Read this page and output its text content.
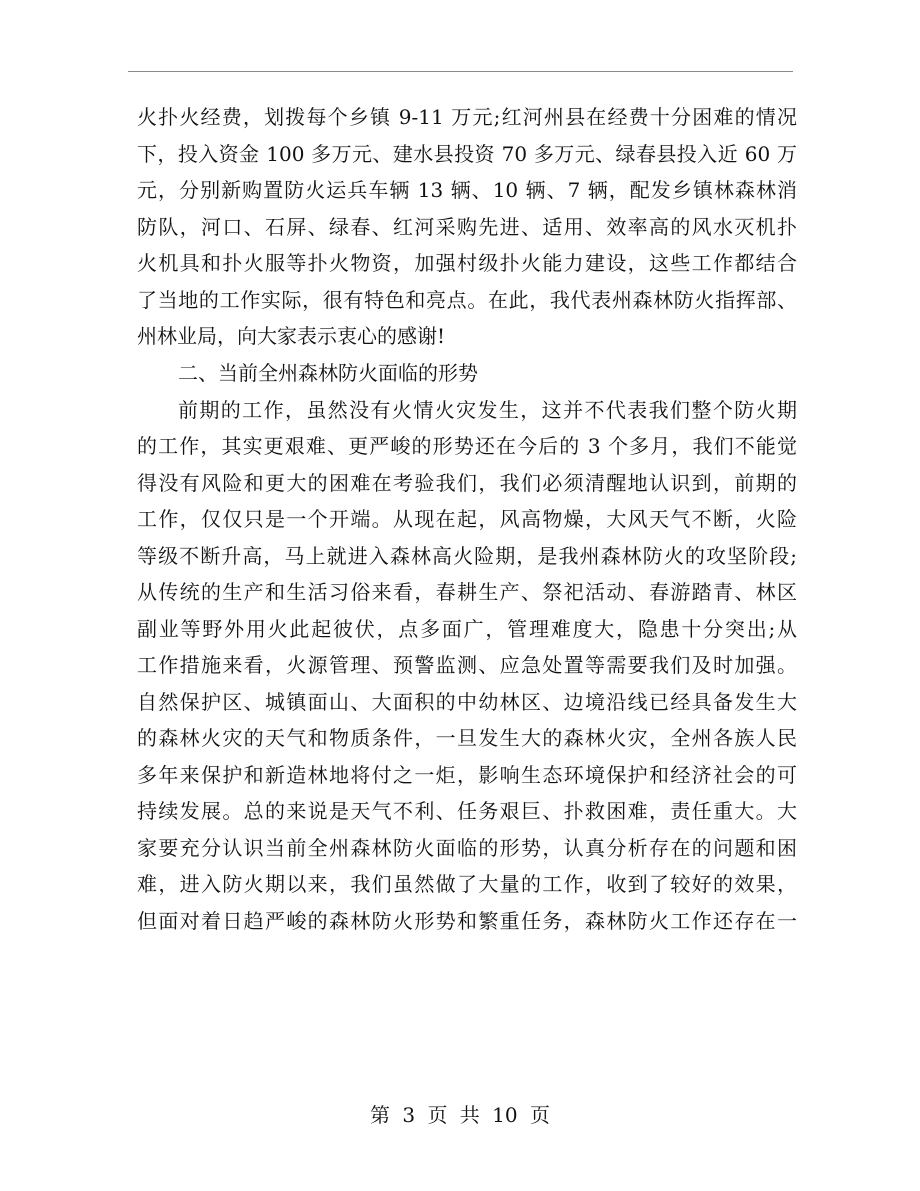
火扑火经费，划拨每个乡镇 9-11 万元;红河州县在经费十分困难的情况
下，投入资金 100 多万元、建水县投资 70 多万元、绿春县投入近 60 万
元，分别新购置防火运兵车辆 13 辆、10 辆、7 辆，配发乡镇林森林消
防队，河口、石屏、绿春、红河采购先进、适用、效率高的风水灭机扑
火机具和扑火服等扑火物资，加强村级扑火能力建设，这些工作都结合
了当地的工作实际，很有特色和亮点。在此，我代表州森林防火指挥部、
州林业局，向大家表示衷心的感谢!
二、当前全州森林防火面临的形势
前期的工作，虽然没有火情火灾发生，这并不代表我们整个防火期
的工作，其实更艰难、更严峻的形势还在今后的 3 个多月，我们不能觉
得没有风险和更大的困难在考验我们，我们必须清醒地认识到，前期的
工作，仅仅只是一个开端。从现在起，风高物燥，大风天气不断，火险
等级不断升高，马上就进入森林高火险期，是我州森林防火的攻坚阶段;
从传统的生产和生活习俗来看，春耕生产、祭祀活动、春游踏青、林区
副业等野外用火此起彼伏，点多面广，管理难度大，隐患十分突出;从
工作措施来看，火源管理、预警监测、应急处置等需要我们及时加强。
自然保护区、城镇面山、大面积的中幼林区、边境沿线已经具备发生大
的森林火灾的天气和物质条件，一旦发生大的森林火灾，全州各族人民
多年来保护和新造林地将付之一炬，影响生态环境保护和经济社会的可
持续发展。总的来说是天气不利、任务艰巨、扑救困难，责任重大。大
家要充分认识当前全州森林防火面临的形势，认真分析存在的问题和困
难，进入防火期以来，我们虽然做了大量的工作，收到了较好的效果，
但面对着日趋严峻的森林防火形势和繁重任务，森林防火工作还存在一
第 3 页 共 10 页
